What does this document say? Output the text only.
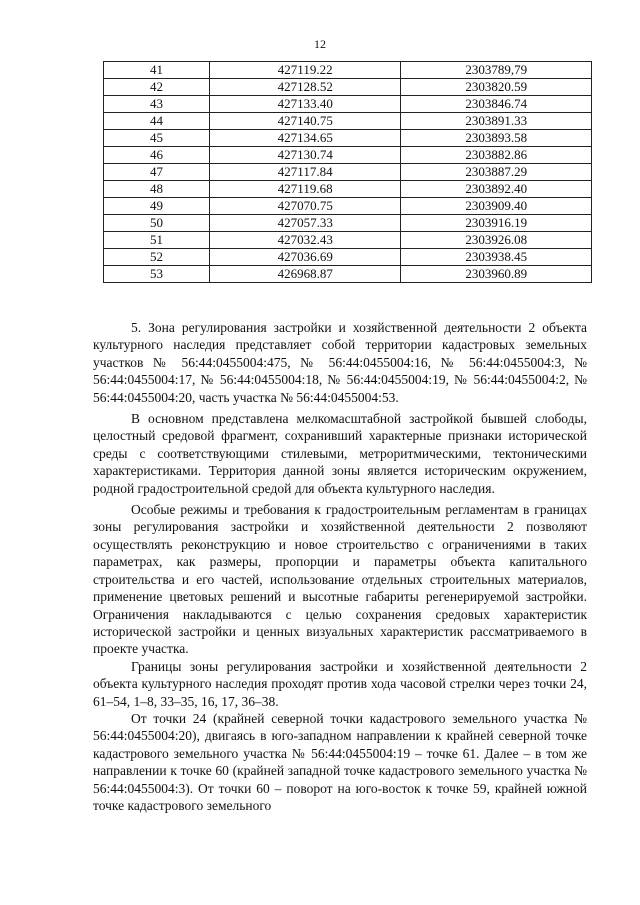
12
41	427119.22	2303789,79
42	427128.52	2303820.59
43	427133.40	2303846.74
44	427140.75	2303891.33
45	427134.65	2303893.58
46	427130.74	2303882.86
47	427117.84	2303887.29
48	427119.68	2303892.40
49	427070.75	2303909.40
50	427057.33	2303916.19
51	427032.43	2303926.08
52	427036.69	2303938.45
53	426968.87	2303960.89

5. Зона регулирования застройки и хозяйственной деятельности 2 объекта культурного наследия представляет собой территории кадастровых земельных участков № 56:44:0455004:475, № 56:44:0455004:16, № 56:44:0455004:3, № 56:44:0455004:17, № 56:44:0455004:18, № 56:44:0455004:19, № 56:44:0455004:2, № 56:44:0455004:20, часть участка № 56:44:0455004:53.

В основном представлена мелкомасштабной застройкой бывшей слободы, целостный средовой фрагмент, сохранивший характерные признаки исторической среды с соответствующими стилевыми, метроритмическими, тектоническими характеристиками. Территория данной зоны является историческим окружением, родной градостроительной средой для объекта культурного наследия.

Особые режимы и требования к градостроительным регламентам в границах зоны регулирования застройки и хозяйственной деятельности 2 позволяют осуществлять реконструкцию и новое строительство с ограничениями в таких параметрах, как размеры, пропорции и параметры объекта капитального строительства и его частей, использование отдельных строительных материалов, применение цветовых решений и высотные габариты регенерируемой застройки. Ограничения накладываются с целью сохранения средовых характеристик исторической застройки и ценных визуальных характеристик рассматриваемого в проекте участка.

Границы зоны регулирования застройки и хозяйственной деятельности 2 объекта культурного наследия проходят против хода часовой стрелки через точки 24, 61–54, 1–8, 33–35, 16, 17, 36–38.

От точки 24 (крайней северной точки кадастрового земельного участка № 56:44:0455004:20), двигаясь в юго-западном направлении к крайней северной точке кадастрового земельного участка № 56:44:0455004:19 – точке 61. Далее – в том же направлении к точке 60 (крайней западной точке кадастрового земельного участка № 56:44:0455004:3). От точки 60 – поворот на юго-восток к точке 59, крайней южной точке кадастрового земельного
